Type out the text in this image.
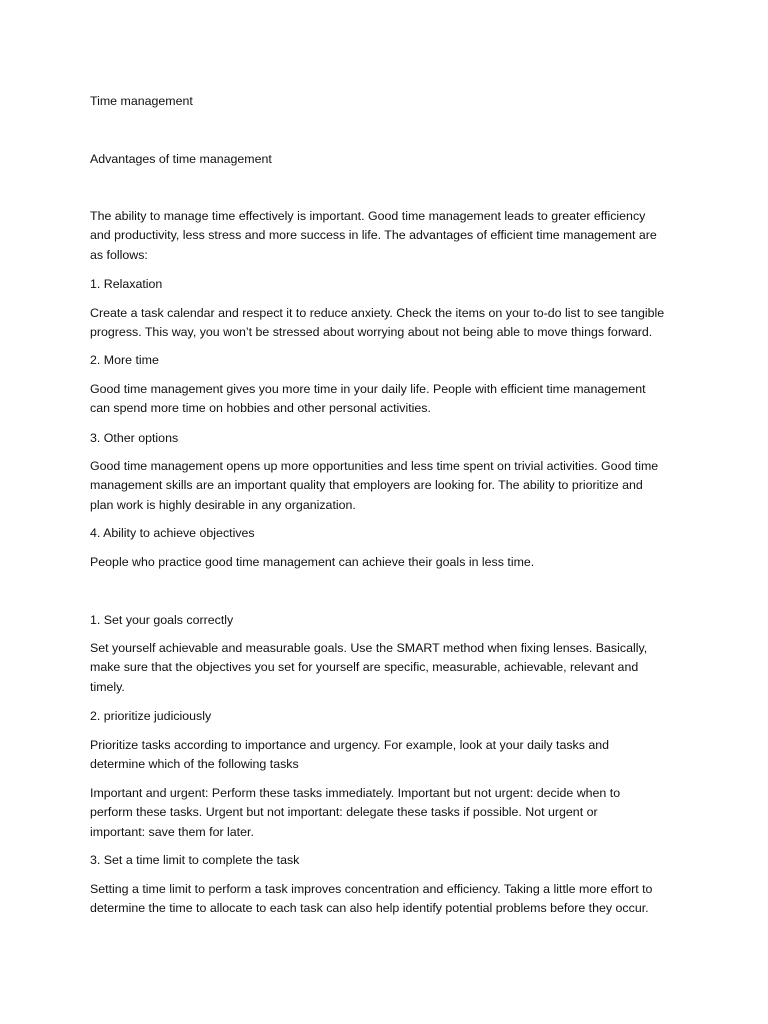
Time management
Advantages of time management
The ability to manage time effectively is important. Good time management leads to greater efficiency
and productivity, less stress and more success in life. The advantages of efficient time management are
as follows:
1. Relaxation
Create a task calendar and respect it to reduce anxiety. Check the items on your to-do list to see tangible
progress. This way, you won’t be stressed about worrying about not being able to move things forward.
2. More time
Good time management gives you more time in your daily life. People with efficient time management
can spend more time on hobbies and other personal activities.
3. Other options
Good time management opens up more opportunities and less time spent on trivial activities. Good time
management skills are an important quality that employers are looking for. The ability to prioritize and
plan work is highly desirable in any organization.
4. Ability to achieve objectives
People who practice good time management can achieve their goals in less time.
1. Set your goals correctly
Set yourself achievable and measurable goals. Use the SMART method when fixing lenses. Basically,
make sure that the objectives you set for yourself are specific, measurable, achievable, relevant and
timely.
2. prioritize judiciously
Prioritize tasks according to importance and urgency. For example, look at your daily tasks and
determine which of the following tasks
Important and urgent: Perform these tasks immediately. Important but not urgent: decide when to
perform these tasks. Urgent but not important: delegate these tasks if possible. Not urgent or
important: save them for later.
3. Set a time limit to complete the task
Setting a time limit to perform a task improves concentration and efficiency. Taking a little more effort to
determine the time to allocate to each task can also help identify potential problems before they occur.
